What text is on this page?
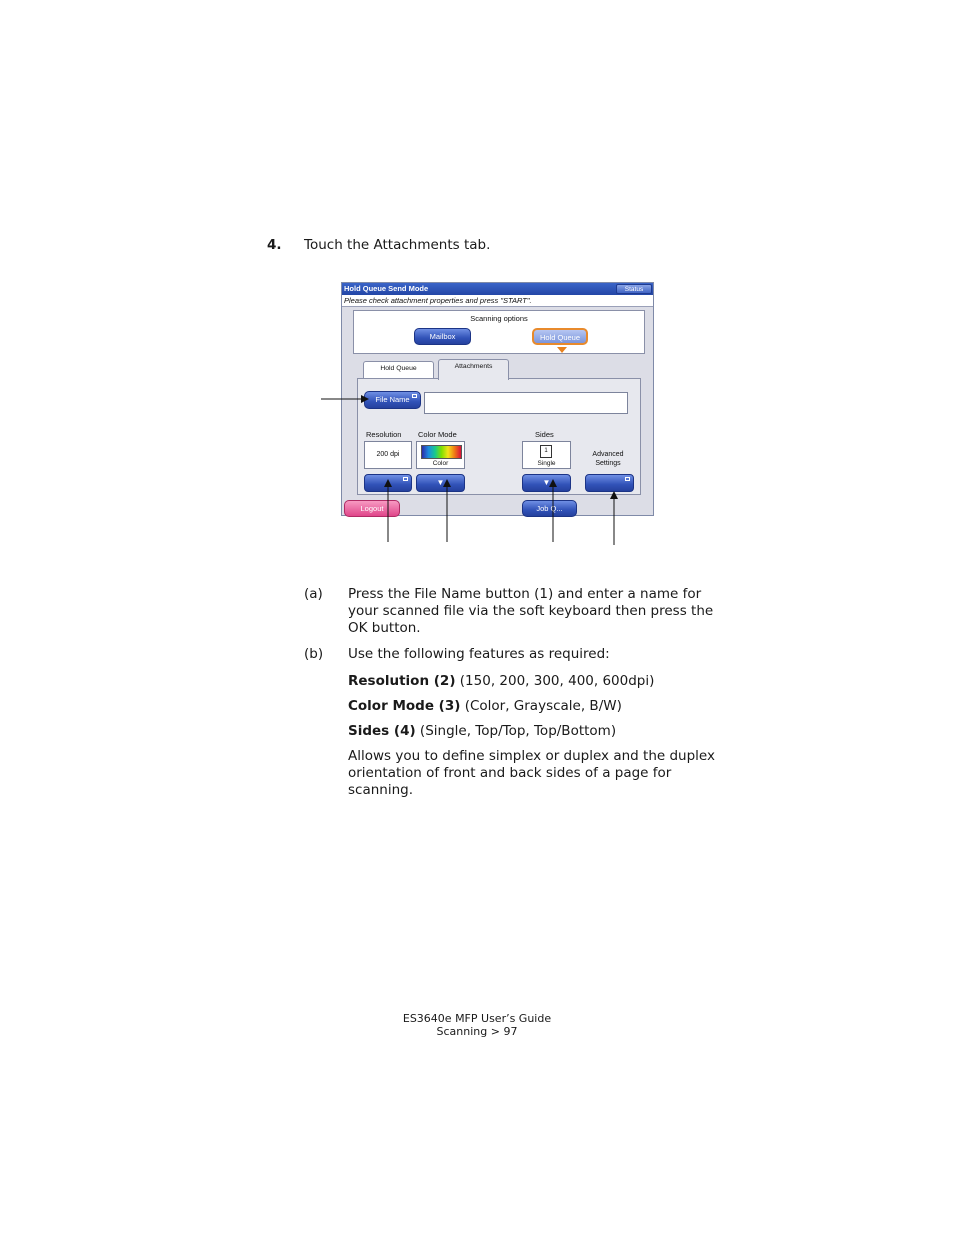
4. Touch the Attachments tab.
Hold Queue Send Mode	Status
Please check attachment properties and press "START".
Scanning options
Mailbox	Hold Queue
Hold Queue	Attachments
File Name
Resolution Color Mode	Sides
Advanced Settings
200 dpi
Color
1
Single
▼	▼
Logout	Job Q...
(a) Press the File Name button (1) and enter a name for your scanned file via the soft keyboard then press the OK button.
(b) Use the following features as required:
Resolution (2) (150, 200, 300, 400, 600dpi)
Color Mode (3) (Color, Grayscale, B/W)
Sides (4) (Single, Top/Top, Top/Bottom)
Allows you to define simplex or duplex and the duplex orientation of front and back sides of a page for scanning.
ES3640e MFP User’s Guide
Scanning > 97
